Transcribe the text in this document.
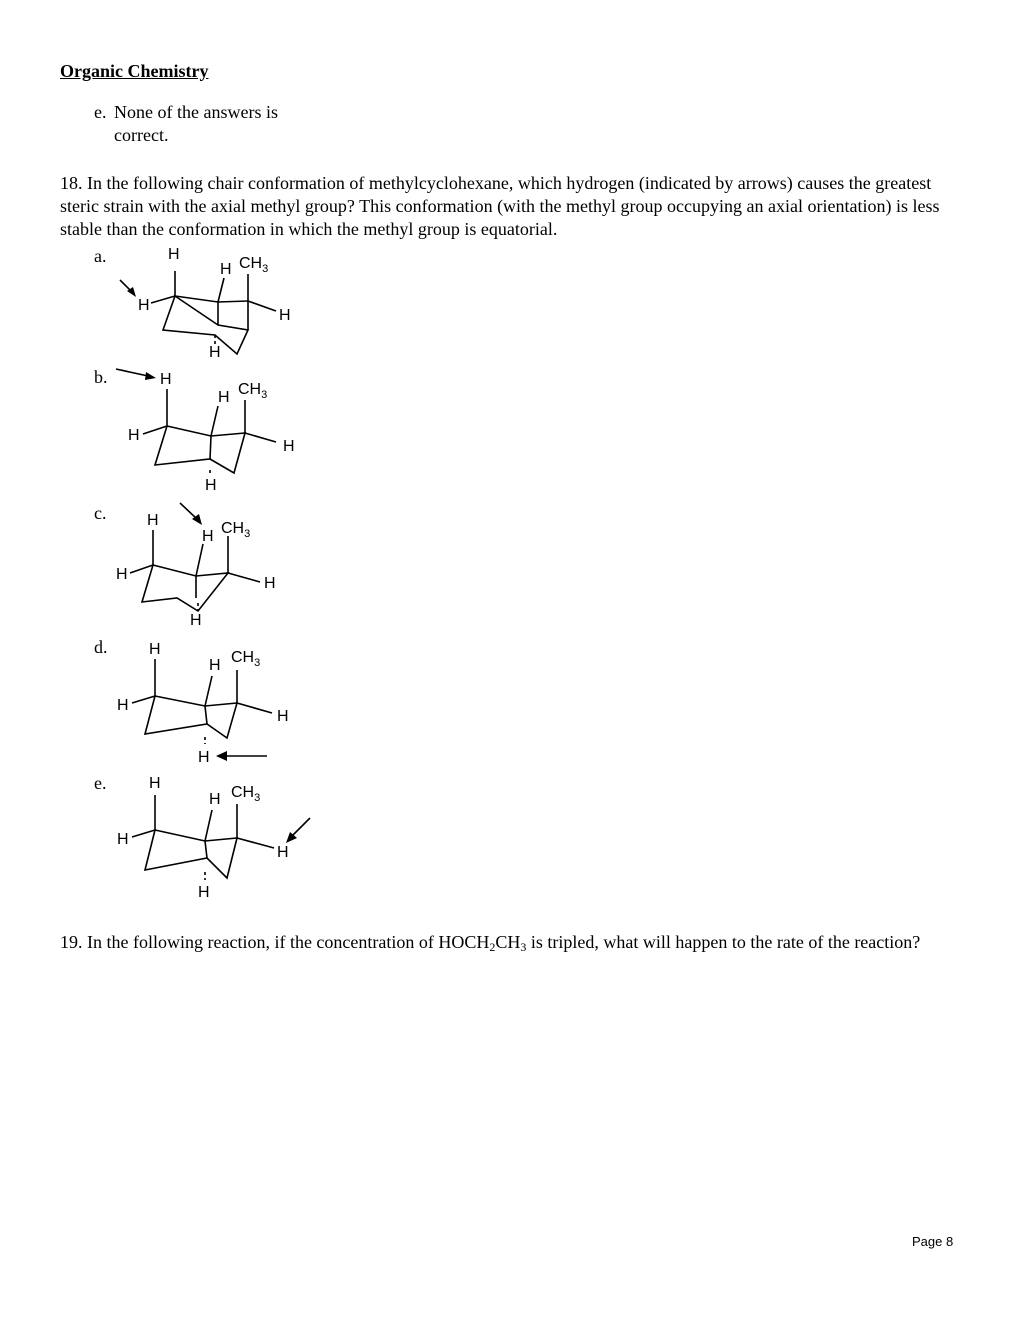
Organic Chemistry
e. None of the answers is correct.
18. In the following chair conformation of methylcyclohexane, which hydrogen (indicated by arrows) causes the greatest steric strain with the axial methyl group? This conformation (with the methyl group occupying an axial orientation) is less stable than the conformation in which the methyl group is equatorial.
a.	H
H
H $CH_3$
H
H
b.	H
H
H $CH_3$
H
H
c.	H
H
H $CH_3$
H
H
d.	H
H
H $CH_3$
H
H
e.	H
H
H $CH_3$
H
H
19. In the following reaction, if the concentration of $HOCH_2CH_3$ is tripled, what will happen to the rate of the reaction?
Page 8
